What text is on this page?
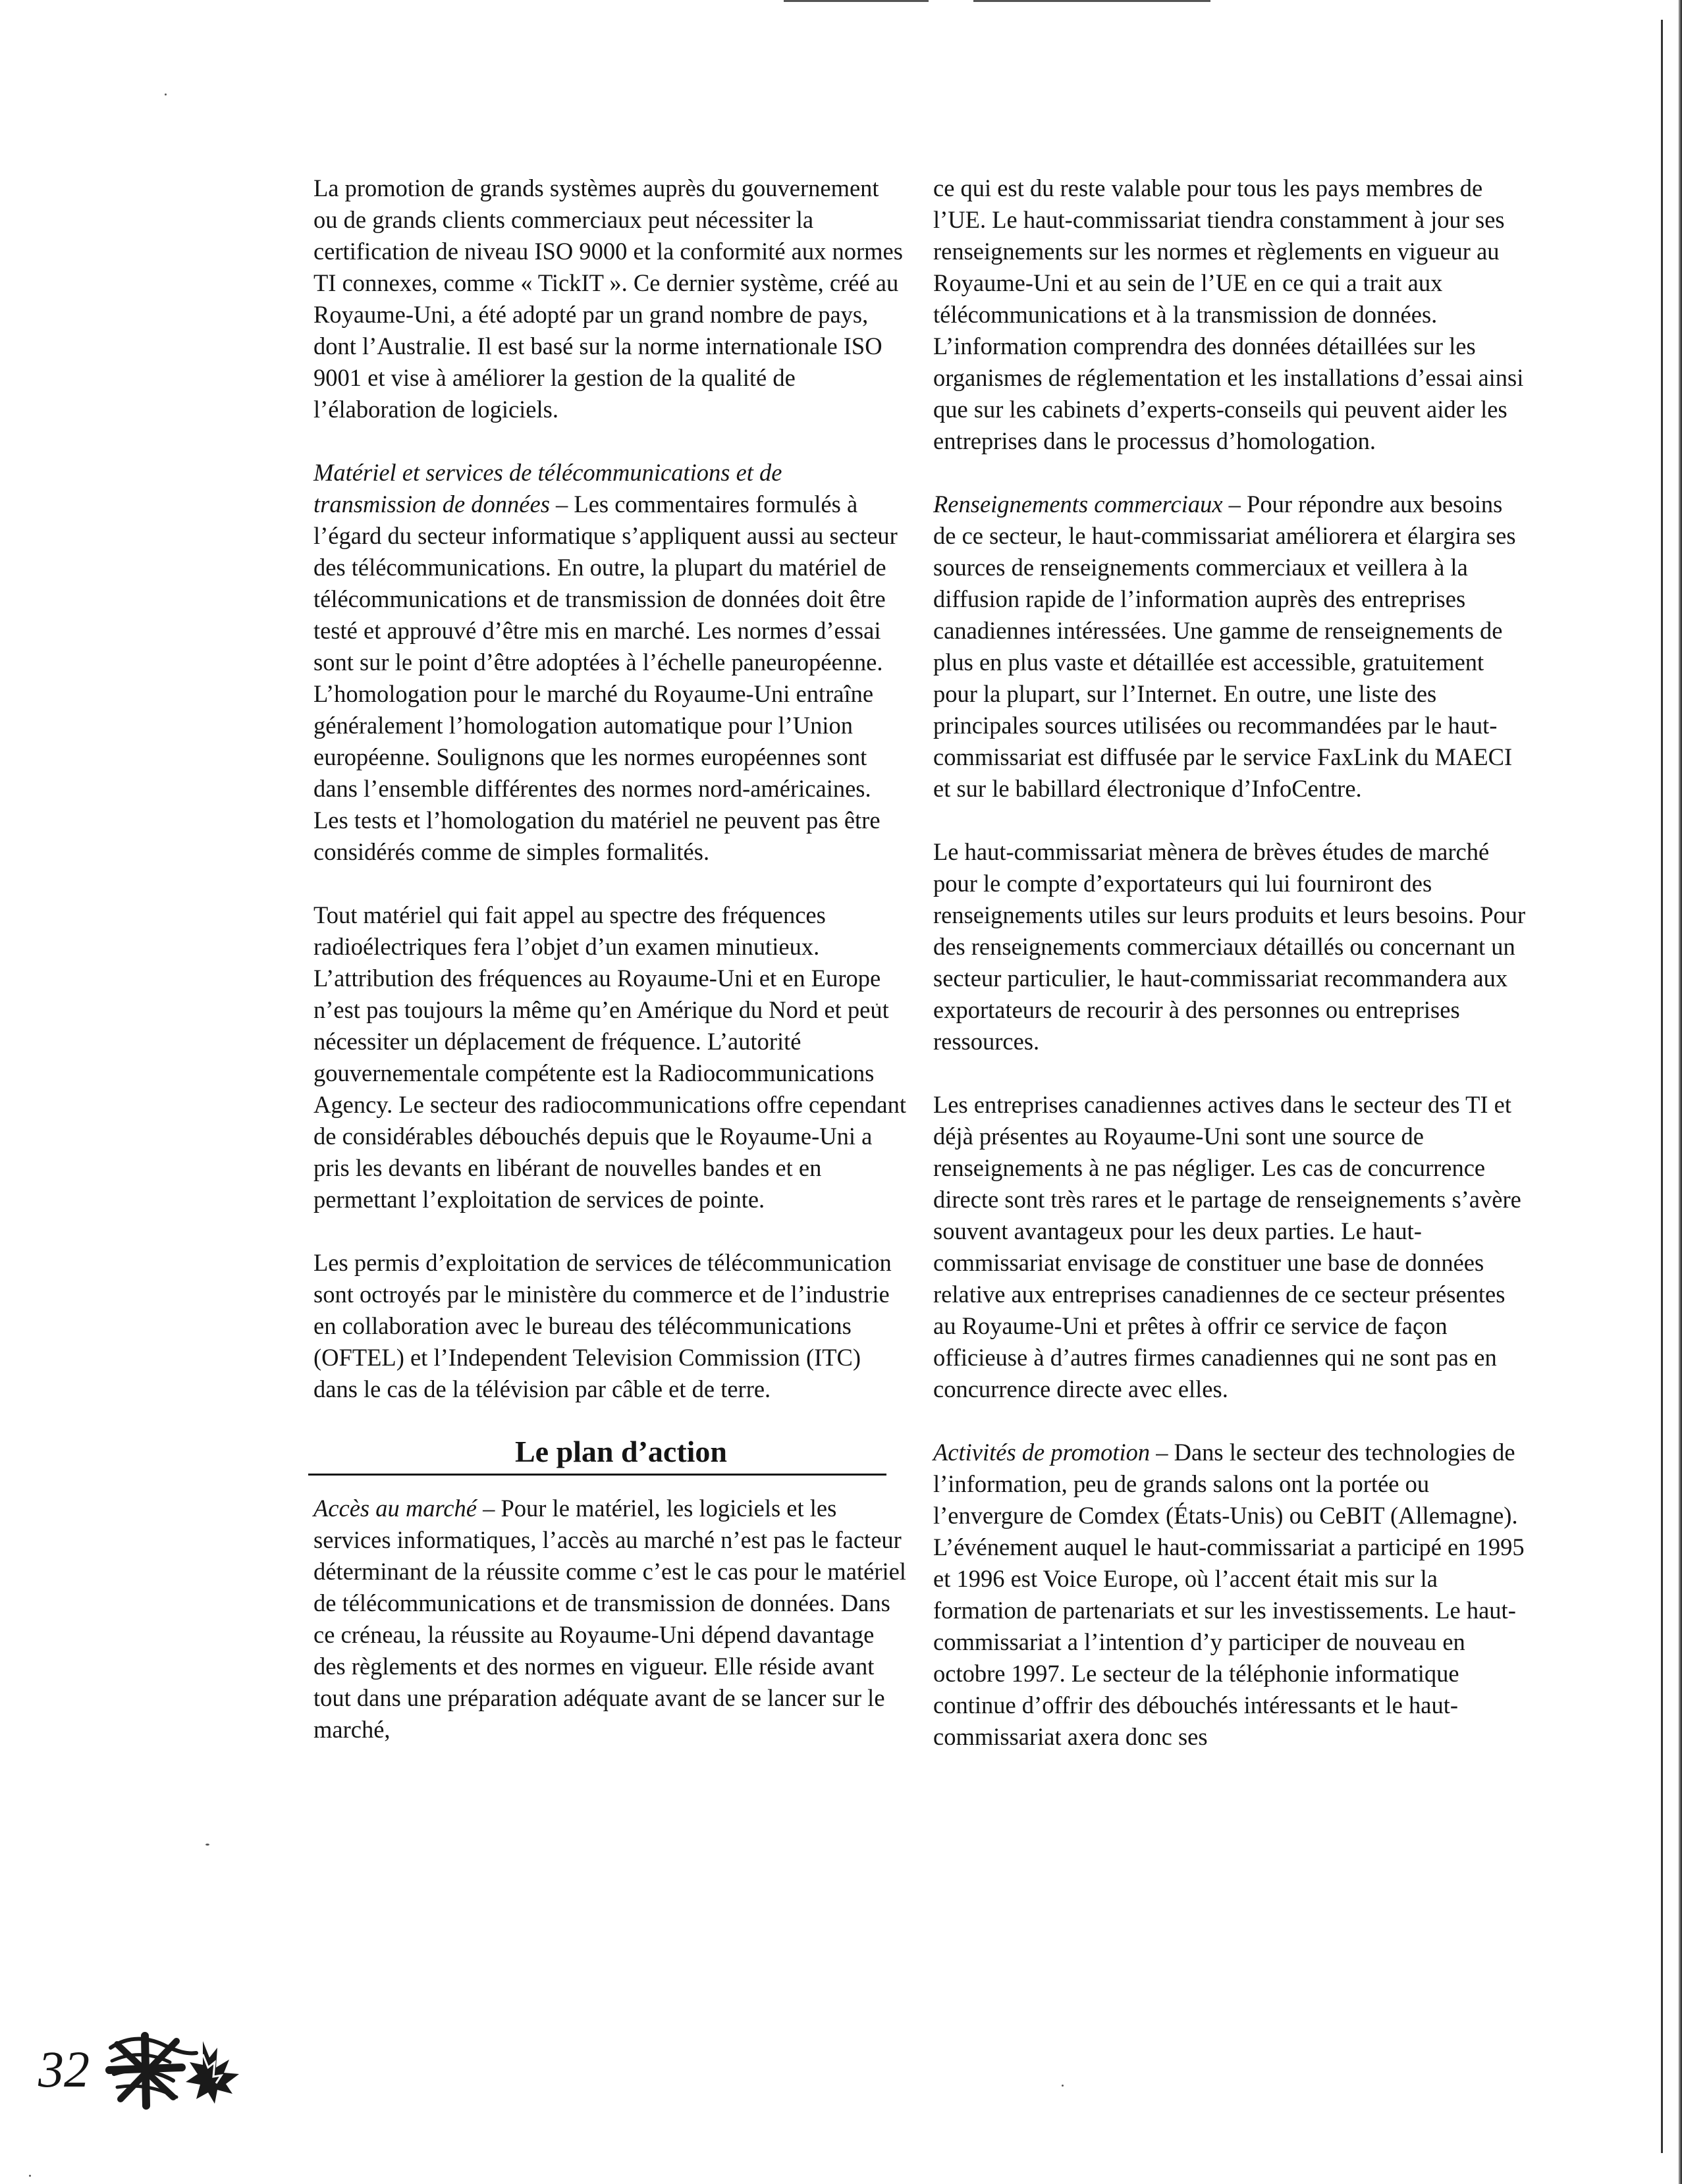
La promotion de grands systèmes auprès du gouvernement ou de grands clients commerciaux peut nécessiter la certification de niveau ISO 9000 et la conformité aux normes TI connexes, comme « TickIT ». Ce dernier système, créé au Royaume-Uni, a été adopté par un grand nombre de pays, dont l’Australie. Il est basé sur la norme internationale ISO 9001 et vise à améliorer la gestion de la qualité de l’élaboration de logiciels.

Matériel et services de télécommunications et de transmission de données – Les commentaires formulés à l’égard du secteur informatique s’appliquent aussi au secteur des télécommunications. En outre, la plupart du matériel de télécommunications et de transmission de données doit être testé et approuvé d’être mis en marché. Les normes d’essai sont sur le point d’être adoptées à l’échelle paneuropéenne. L’homologation pour le marché du Royaume-Uni entraîne généralement l’homologation automatique pour l’Union européenne. Soulignons que les normes européennes sont dans l’ensemble différentes des normes nord-américaines. Les tests et l’homologation du matériel ne peuvent pas être considérés comme de simples formalités.

Tout matériel qui fait appel au spectre des fréquences radioélectriques fera l’objet d’un examen minutieux. L’attribution des fréquences au Royaume-Uni et en Europe n’est pas toujours la même qu’en Amérique du Nord et peut nécessiter un déplacement de fréquence. L’autorité gouvernementale compétente est la Radiocommunications Agency. Le secteur des radiocommunications offre cependant de considérables débouchés depuis que le Royaume-Uni a pris les devants en libérant de nouvelles bandes et en permettant l’exploitation de services de pointe.

Les permis d’exploitation de services de télécommunication sont octroyés par le ministère du commerce et de l’industrie en collaboration avec le bureau des télécommunications (OFTEL) et l’Independent Television Commission (ITC) dans le cas de la télévision par câble et de terre.

Le plan d’action

Accès au marché – Pour le matériel, les logiciels et les services informatiques, l’accès au marché n’est pas le facteur déterminant de la réussite comme c’est le cas pour le matériel de télécommunications et de transmission de données. Dans ce créneau, la réussite au Royaume-Uni dépend davantage des règlements et des normes en vigueur. Elle réside avant tout dans une préparation adéquate avant de se lancer sur le marché,

ce qui est du reste valable pour tous les pays membres de l’UE. Le haut-commissariat tiendra constamment à jour ses renseignements sur les normes et règlements en vigueur au Royaume-Uni et au sein de l’UE en ce qui a trait aux télécommunications et à la transmission de données. L’information comprendra des données détaillées sur les organismes de réglementation et les installations d’essai ainsi que sur les cabinets d’experts-conseils qui peuvent aider les entreprises dans le processus d’homologation.

Renseignements commerciaux – Pour répondre aux besoins de ce secteur, le haut-commissariat améliorera et élargira ses sources de renseignements commerciaux et veillera à la diffusion rapide de l’information auprès des entreprises canadiennes intéressées. Une gamme de renseignements de plus en plus vaste et détaillée est accessible, gratuitement pour la plupart, sur l’Internet. En outre, une liste des principales sources utilisées ou recommandées par le haut-commissariat est diffusée par le service FaxLink du MAECI et sur le babillard électronique d’InfoCentre.

Le haut-commissariat mènera de brèves études de marché pour le compte d’exportateurs qui lui fourniront des renseignements utiles sur leurs produits et leurs besoins. Pour des renseignements commerciaux détaillés ou concernant un secteur particulier, le haut-commissariat recommandera aux exportateurs de recourir à des personnes ou entreprises ressources.

Les entreprises canadiennes actives dans le secteur des TI et déjà présentes au Royaume-Uni sont une source de renseignements à ne pas négliger. Les cas de concurrence directe sont très rares et le partage de renseignements s’avère souvent avantageux pour les deux parties. Le haut-commissariat envisage de constituer une base de données relative aux entreprises canadiennes de ce secteur présentes au Royaume-Uni et prêtes à offrir ce service de façon officieuse à d’autres firmes canadiennes qui ne sont pas en concurrence directe avec elles.

Activités de promotion – Dans le secteur des technologies de l’information, peu de grands salons ont la portée ou l’envergure de Comdex (États-Unis) ou CeBIT (Allemagne). L’événement auquel le haut-commissariat a participé en 1995 et 1996 est Voice Europe, où l’accent était mis sur la formation de partenariats et sur les investissements. Le haut-commissariat a l’intention d’y participer de nouveau en octobre 1997. Le secteur de la téléphonie informatique continue d’offrir des débouchés intéressants et le haut-commissariat axera donc ses

32
